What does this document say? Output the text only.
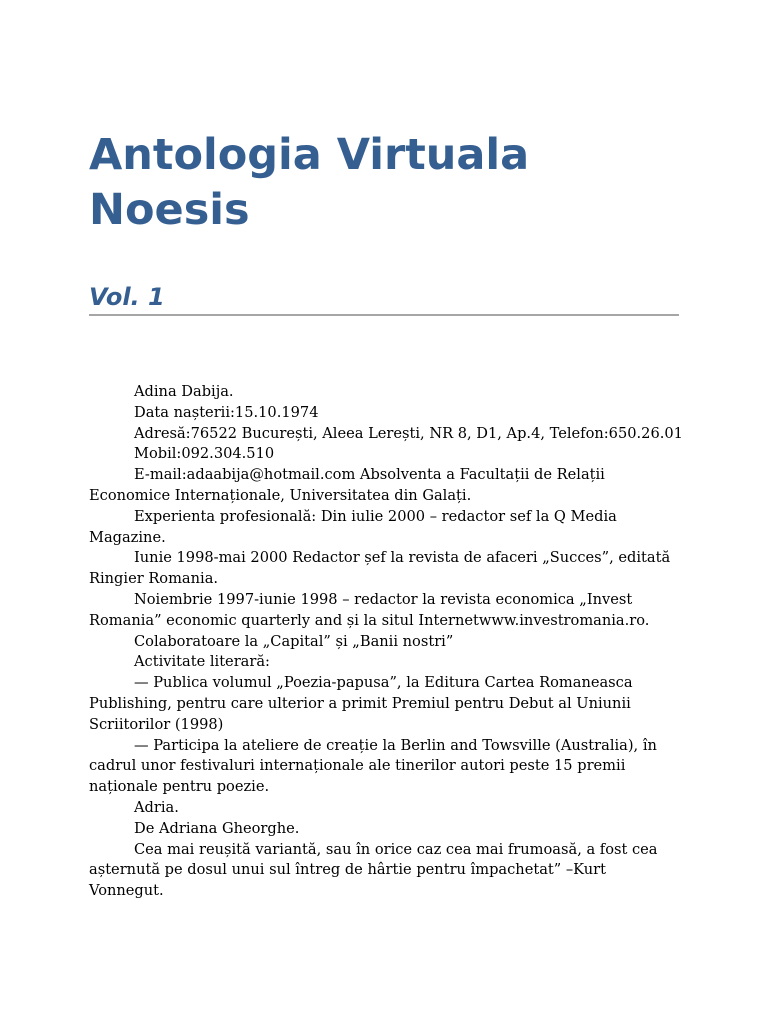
Antologia Virtuala
Noesis
Vol. 1
Adina Dabija.
Data nașterii:15.10.1974
Adresă:76522 București, Aleea Lerești, NR 8, D1, Ap.4, Telefon:650.26.01
Mobil:092.304.510
E-mail:adaabija@hotmail.com Absolventa a Facultații de Relații
Economice Internaționale, Universitatea din Galați.
Experienta profesională: Din iulie 2000 – redactor sef la Q Media
Magazine.
Iunie 1998-mai 2000 Redactor șef la revista de afaceri „Succes”, editată
Ringier Romania.
Noiembrie 1997-iunie 1998 – redactor la revista economica „Invest
Romania” economic quarterly and și la situl Internetwww.investromania.ro.
Colaboratoare la „Capital” și „Banii nostri”
Activitate literară:
— Publica volumul „Poezia-papusa”, la Editura Cartea Romaneasca
Publishing, pentru care ulterior a primit Premiul pentru Debut al Uniunii
Scriitorilor (1998)
— Participa la ateliere de creație la Berlin and Towsville (Australia), în
cadrul unor festivaluri internaționale ale tinerilor autori peste 15 premii
naționale pentru poezie.
Adria.
De Adriana Gheorghe.
Cea mai reușită variantă, sau în orice caz cea mai frumoasă, a fost cea
așternută pe dosul unui sul întreg de hârtie pentru împachetat” –Kurt
Vonnegut.
